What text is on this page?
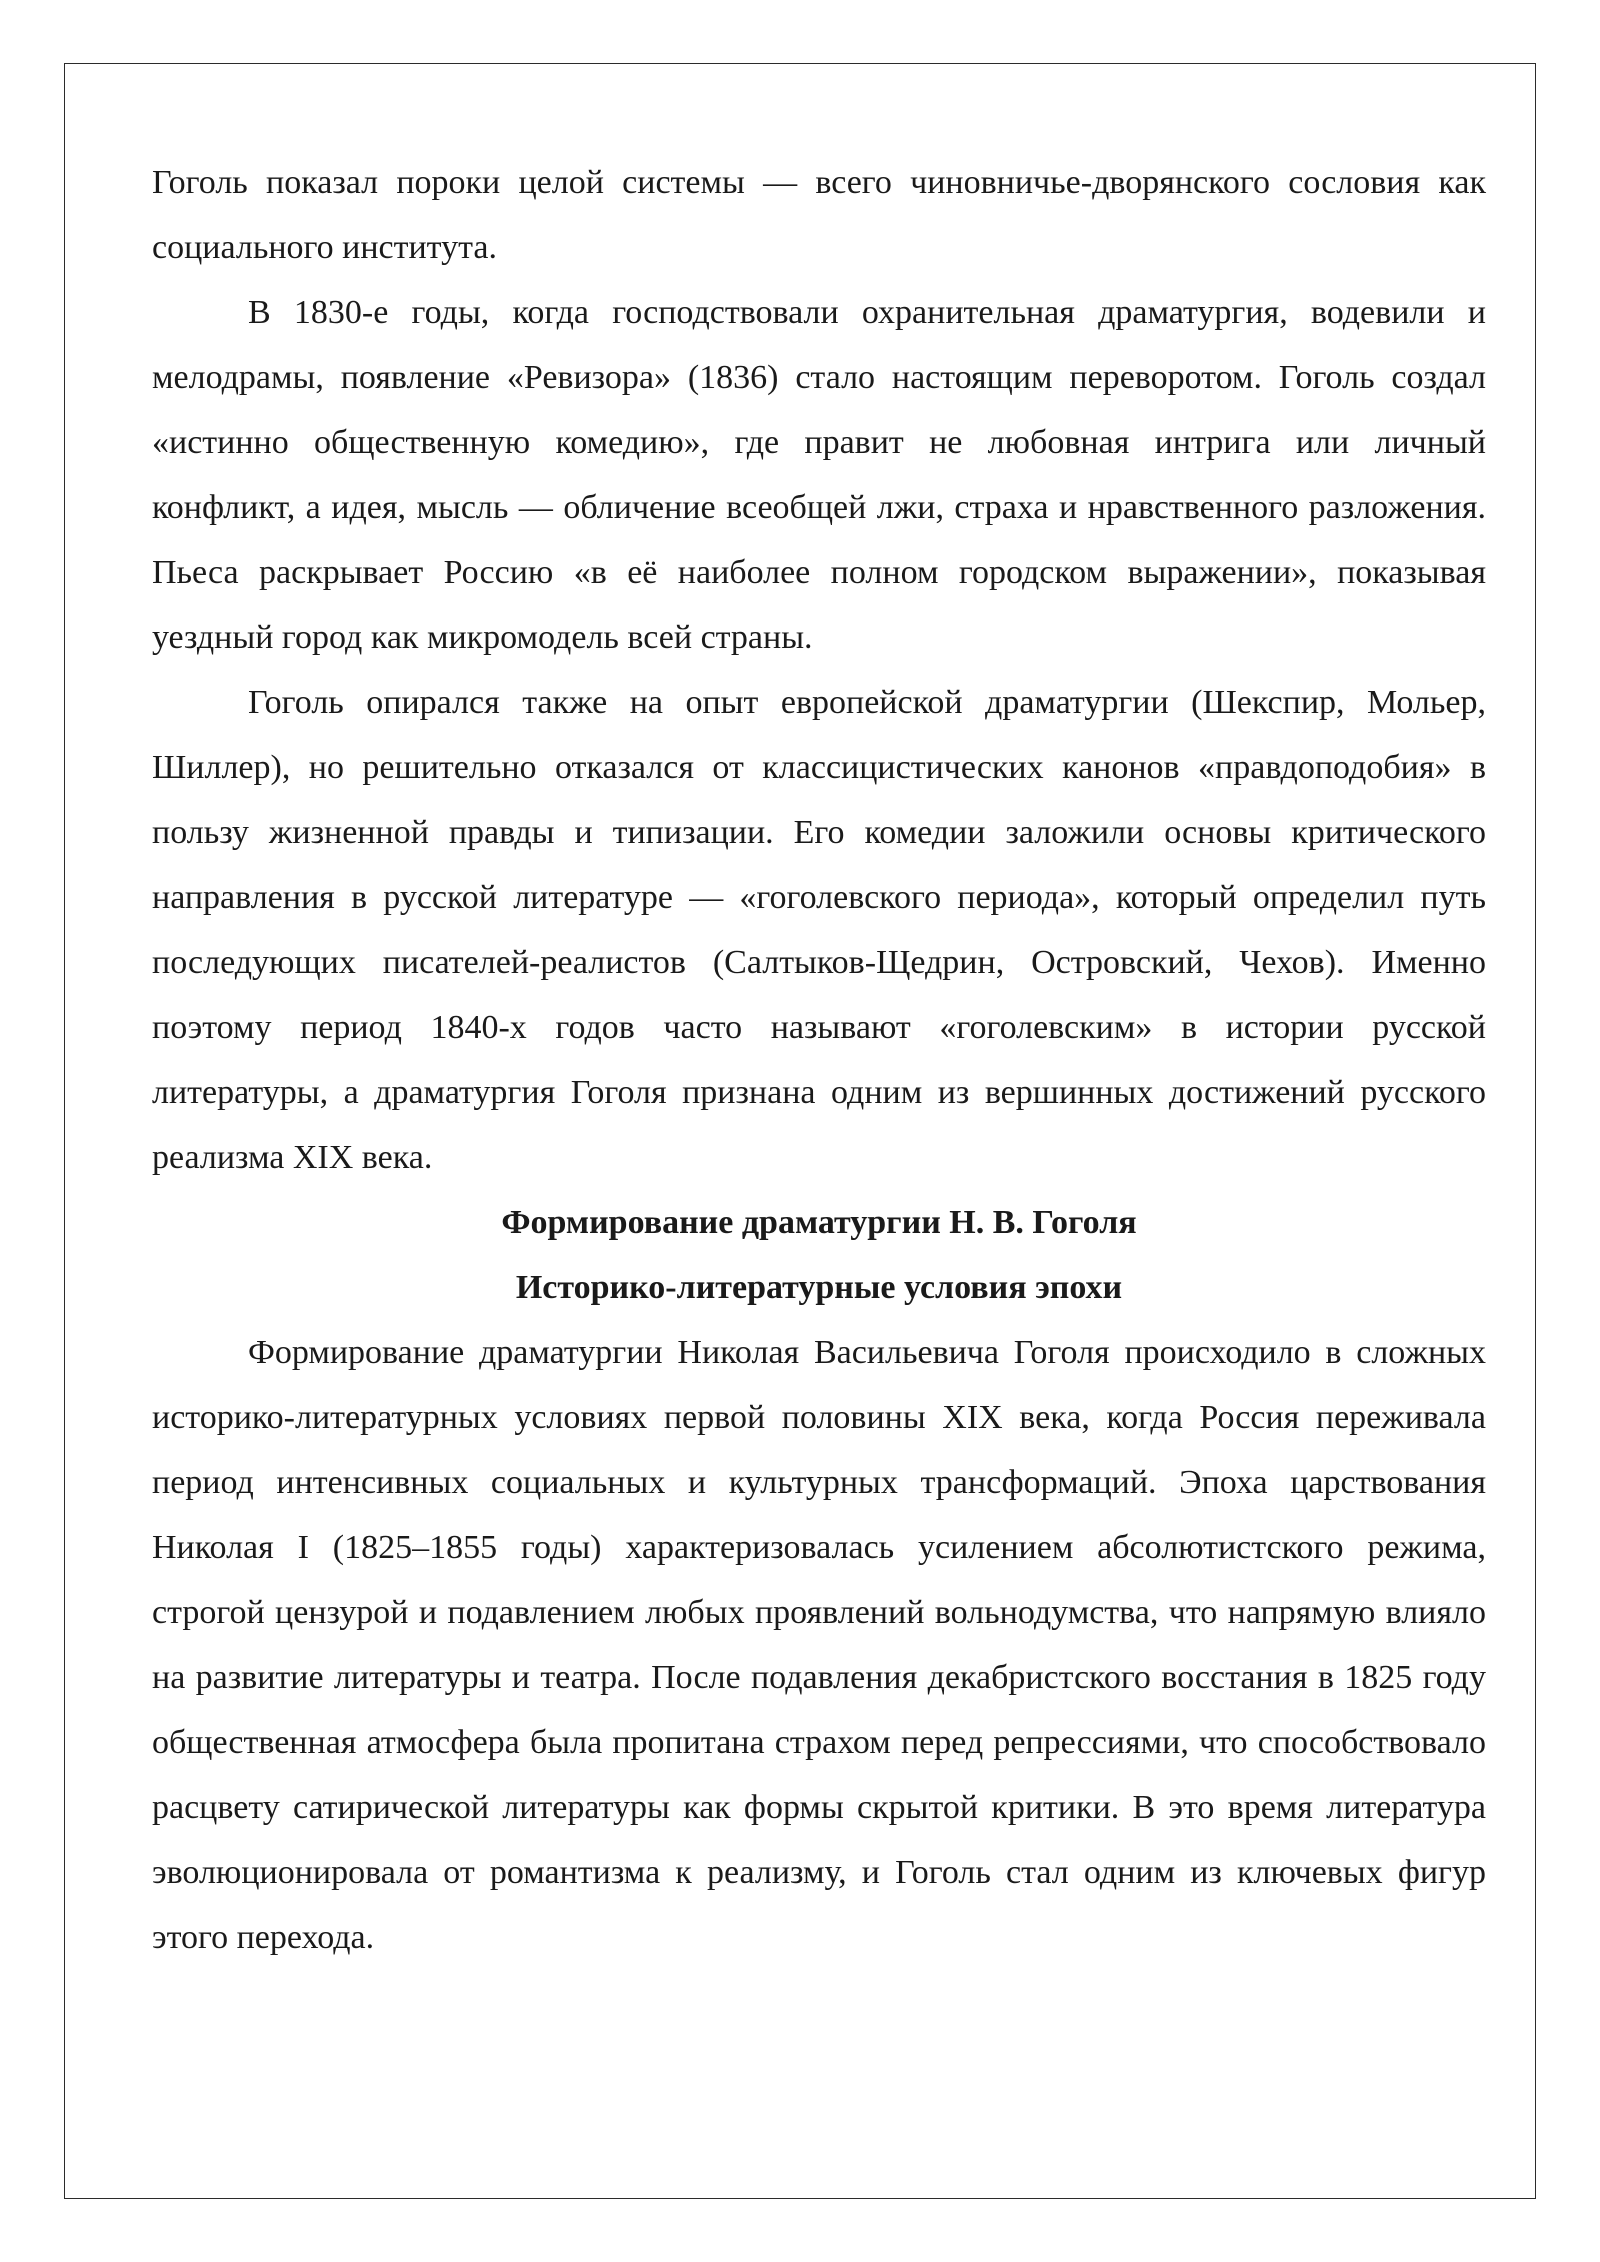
Гоголь показал пороки целой системы — всего чиновничье-дворянского сословия как социального института.

В 1830-е годы, когда господствовали охранительная драматургия, водевили и мелодрамы, появление «Ревизора» (1836) стало настоящим переворотом. Гоголь создал «истинно общественную комедию», где правит не любовная интрига или личный конфликт, а идея, мысль — обличение всеобщей лжи, страха и нравственного разложения. Пьеса раскрывает Россию «в её наиболее полном городском выражении», показывая уездный город как микромодель всей страны.

Гоголь опирался также на опыт европейской драматургии (Шекспир, Мольер, Шиллер), но решительно отказался от классицистических канонов «правдоподобия» в пользу жизненной правды и типизации. Его комедии заложили основы критического направления в русской литературе — «гоголевского периода», который определил путь последующих писателей-реалистов (Салтыков-Щедрин, Островский, Чехов). Именно поэтому период 1840-х годов часто называют «гоголевским» в истории русской литературы, а драматургия Гоголя признана одним из вершинных достижений русского реализма XIX века.

Формирование драматургии Н. В. Гоголя

Историко-литературные условия эпохи

Формирование драматургии Николая Васильевича Гоголя происходило в сложных историко-литературных условиях первой половины XIX века, когда Россия переживала период интенсивных социальных и культурных трансформаций. Эпоха царствования Николая I (1825–1855 годы) характеризовалась усилением абсолютистского режима, строгой цензурой и подавлением любых проявлений вольнодумства, что напрямую влияло на развитие литературы и театра. После подавления декабристского восстания в 1825 году общественная атмосфера была пропитана страхом перед репрессиями, что способствовало расцвету сатирической литературы как формы скрытой критики. В это время литература эволюционировала от романтизма к реализму, и Гоголь стал одним из ключевых фигур этого перехода.
